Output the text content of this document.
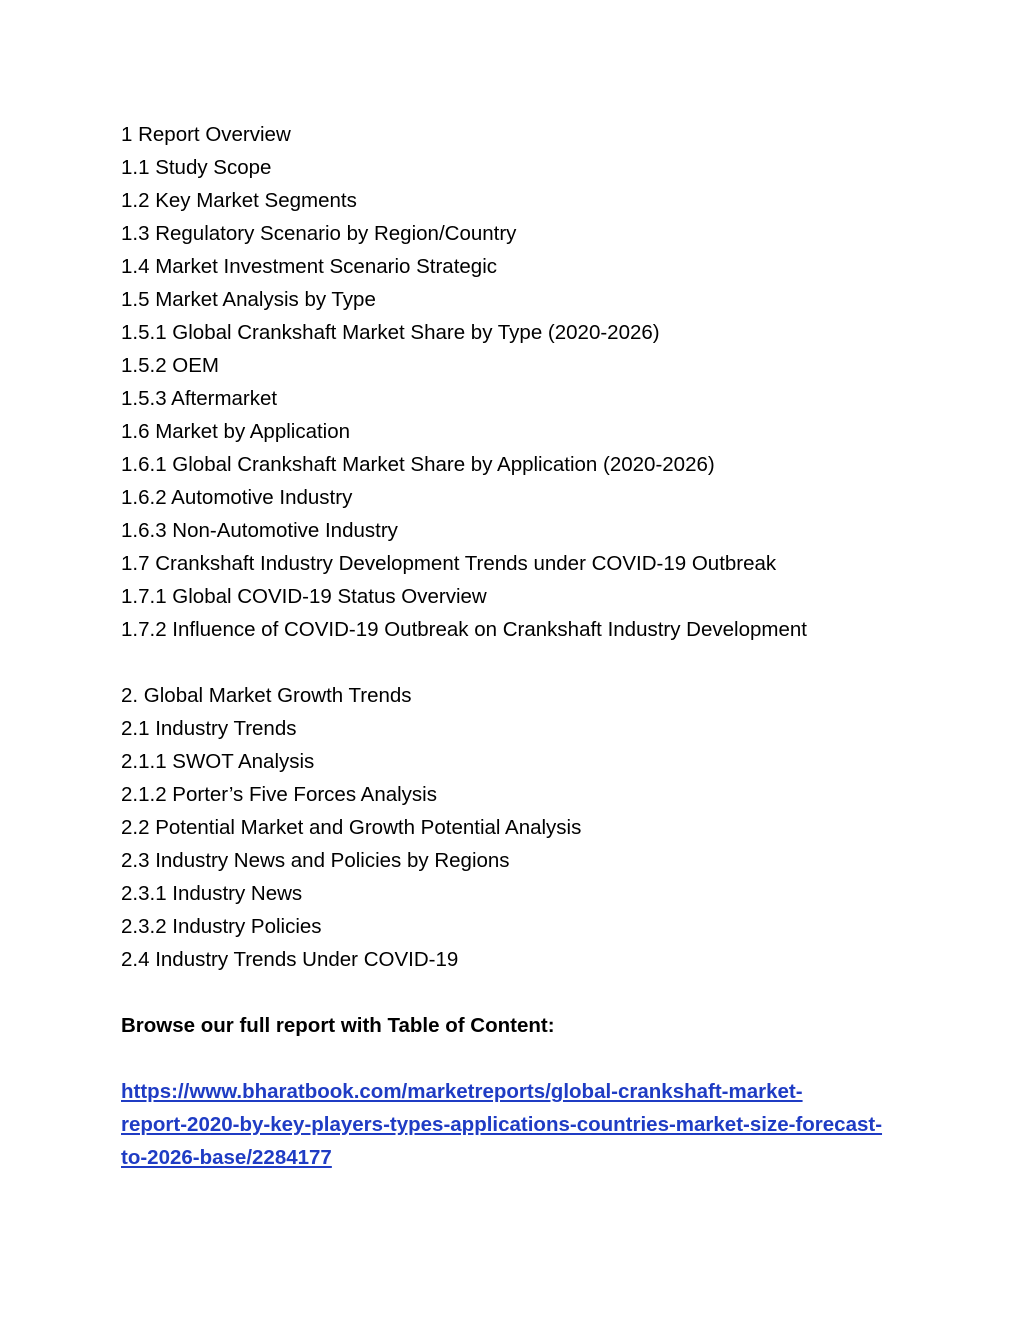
1 Report Overview
1.1 Study Scope
1.2 Key Market Segments
1.3 Regulatory Scenario by Region/Country
1.4 Market Investment Scenario Strategic
1.5 Market Analysis by Type
1.5.1 Global Crankshaft Market Share by Type (2020-2026)
1.5.2 OEM
1.5.3 Aftermarket
1.6 Market by Application
1.6.1 Global Crankshaft Market Share by Application (2020-2026)
1.6.2 Automotive Industry
1.6.3 Non-Automotive Industry
1.7 Crankshaft Industry Development Trends under COVID-19 Outbreak
1.7.1 Global COVID-19 Status Overview
1.7.2 Influence of COVID-19 Outbreak on Crankshaft Industry Development
2. Global Market Growth Trends
2.1 Industry Trends
2.1.1 SWOT Analysis
2.1.2 Porter’s Five Forces Analysis
2.2 Potential Market and Growth Potential Analysis
2.3 Industry News and Policies by Regions
2.3.1 Industry News
2.3.2 Industry Policies
2.4 Industry Trends Under COVID-19
Browse our full report with Table of Content:
https://www.bharatbook.com/marketreports/global-crankshaft-market-
report-2020-by-key-players-types-applications-countries-market-size-forecast-
to-2026-base/2284177
